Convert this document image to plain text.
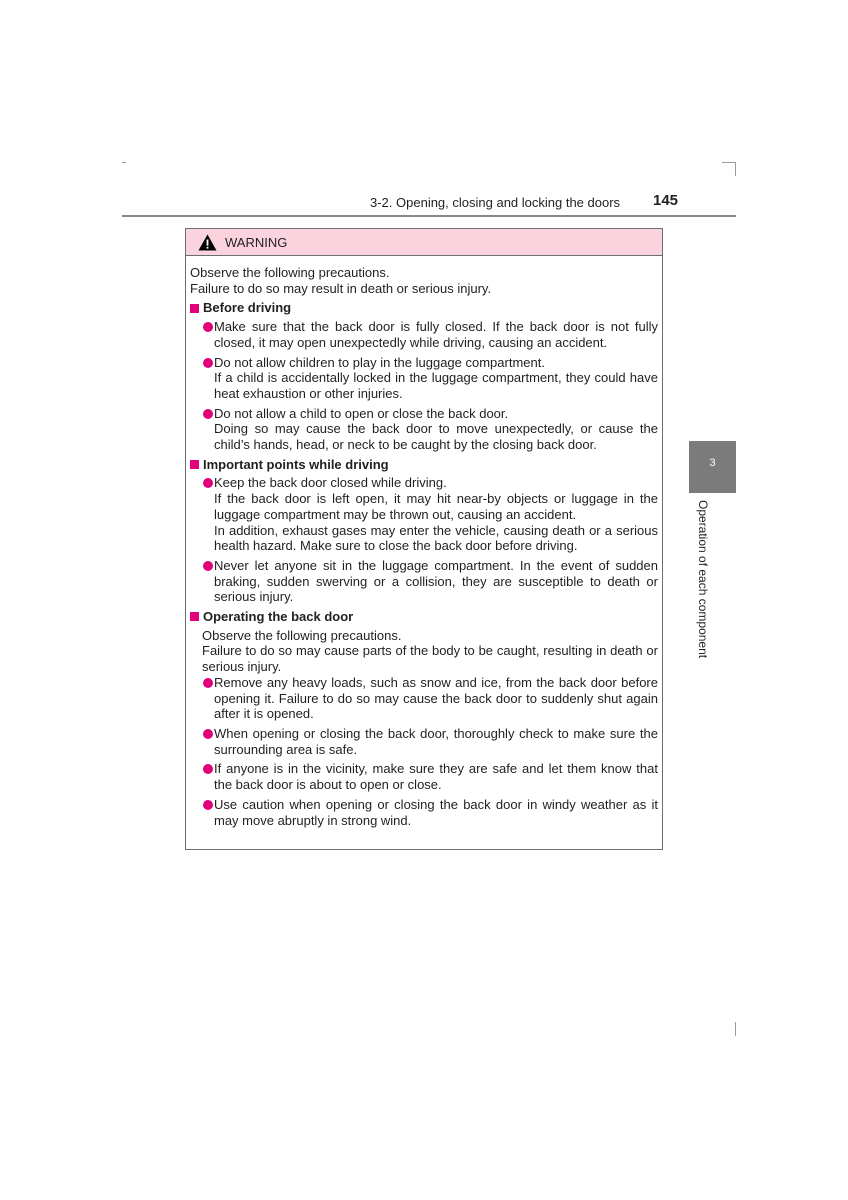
3-2. Opening, closing and locking the doors 145
3
Operation of each component
WARNING

Observe the following precautions.
Failure to do so may result in death or serious injury.

Before driving

Make sure that the back door is fully closed. If the back door is not fully closed, it may open unexpectedly while driving, causing an accident.

Do not allow children to play in the luggage compartment.

If a child is accidentally locked in the luggage compartment, they could have heat exhaustion or other injuries.

Do not allow a child to open or close the back door.

Doing so may cause the back door to move unexpectedly, or cause the child’s hands, head, or neck to be caught by the closing back door.

Important points while driving

Keep the back door closed while driving.

If the back door is left open, it may hit near-by objects or luggage in the luggage compartment may be thrown out, causing an accident.

In addition, exhaust gases may enter the vehicle, causing death or a serious health hazard. Make sure to close the back door before driving.

Never let anyone sit in the luggage compartment. In the event of sudden braking, sudden swerving or a collision, they are susceptible to death or serious injury.

Operating the back door

Observe the following precautions.
Failure to do so may cause parts of the body to be caught, resulting in death or serious injury.

Remove any heavy loads, such as snow and ice, from the back door before opening it. Failure to do so may cause the back door to suddenly shut again after it is opened.

When opening or closing the back door, thoroughly check to make sure the surrounding area is safe.

If anyone is in the vicinity, make sure they are safe and let them know that the back door is about to open or close.

Use caution when opening or closing the back door in windy weather as it may move abruptly in strong wind.
